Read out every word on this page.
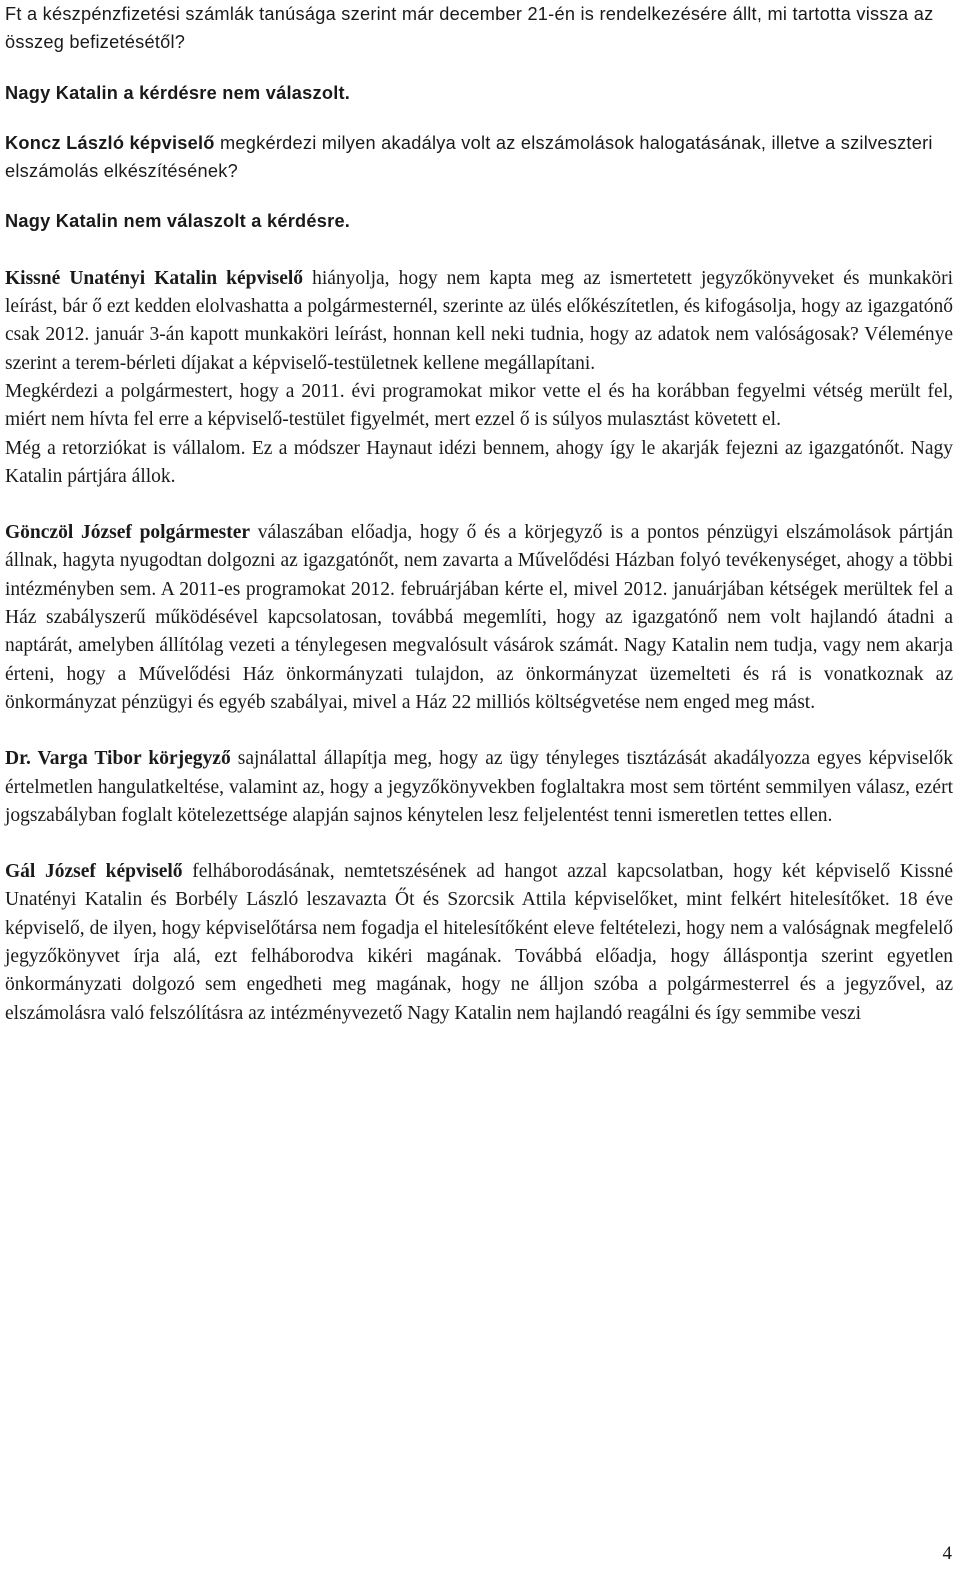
Ft a készpénzfizetési számlák tanúsága szerint már december 21-én is rendelkezésére állt, mi tartotta vissza az összeg befizetésétől?

Nagy Katalin a kérdésre nem válaszolt.

Koncz László képviselő megkérdezi milyen akadálya volt az elszámolások halogatásának, illetve a szilveszteri elszámolás elkészítésének?

Nagy Katalin nem válaszolt a kérdésre.

Kissné Unatényi Katalin képviselő hiányolja, hogy nem kapta meg az ismertetett jegyzőkönyveket és munkaköri leírást, bár ő ezt kedden elolvashatta a polgármesternél, szerinte az ülés előkészítetlen, és kifogásolja, hogy az igazgatónő csak 2012. január 3-án kapott munkaköri leírást, honnan kell neki tudnia, hogy az adatok nem valóságosak? Véleménye szerint a terem-bérleti díjakat a képviselő-testületnek kellene megállapítani.

Megkérdezi a polgármestert, hogy a 2011. évi programokat mikor vette el és ha korábban fegyelmi vétség merült fel, miért nem hívta fel erre a képviselő-testület figyelmét, mert ezzel ő is súlyos mulasztást követett el.

Még a retorziókat is vállalom. Ez a módszer Haynaut idézi bennem, ahogy így le akarják fejezni az igazgatónőt. Nagy Katalin pártjára állok.

Gönczöl József polgármester válaszában előadja, hogy ő és a körjegyző is a pontos pénzügyi elszámolások pártján állnak, hagyta nyugodtan dolgozni az igazgatónőt, nem zavarta a Művelődési Házban folyó tevékenységet, ahogy a többi intézményben sem. A 2011-es programokat 2012. februárjában kérte el, mivel 2012. januárjában kétségek merültek fel a Ház szabályszerű működésével kapcsolatosan, továbbá megemlíti, hogy az igazgatónő nem volt hajlandó átadni a naptárát, amelyben állítólag vezeti a ténylegesen megvalósult vásárok számát. Nagy Katalin nem tudja, vagy nem akarja érteni, hogy a Művelődési Ház önkormányzati tulajdon, az önkormányzat üzemelteti és rá is vonatkoznak az önkormányzat pénzügyi és egyéb szabályai, mivel a Ház 22 milliós költségvetése nem enged meg mást.

Dr. Varga Tibor körjegyző sajnálattal állapítja meg, hogy az ügy tényleges tisztázását akadályozza egyes képviselők értelmetlen hangulatkeltése, valamint az, hogy a jegyzőkönyvekben foglaltakra most sem történt semmilyen válasz, ezért jogszabályban foglalt kötelezettsége alapján sajnos kénytelen lesz feljelentést tenni ismeretlen tettes ellen.

Gál József képviselő felháborodásának, nemtetszésének ad hangot azzal kapcsolatban, hogy két képviselő Kissné Unatényi Katalin és Borbély László leszavazta Őt és Szorcsik Attila képviselőket, mint felkért hitelesítőket. 18 éve képviselő, de ilyen, hogy képviselőtársa nem fogadja el hitelesítőként eleve feltételezi, hogy nem a valóságnak megfelelő jegyzőkönyvet írja alá, ezt felháborodva kikéri magának. Továbbá előadja, hogy álláspontja szerint egyetlen önkormányzati dolgozó sem engedheti meg magának, hogy ne álljon szóba a polgármesterrel és a jegyzővel, az elszámolásra való felszólításra az intézményvezető Nagy Katalin nem hajlandó reagálni és így semmibe veszi

4
